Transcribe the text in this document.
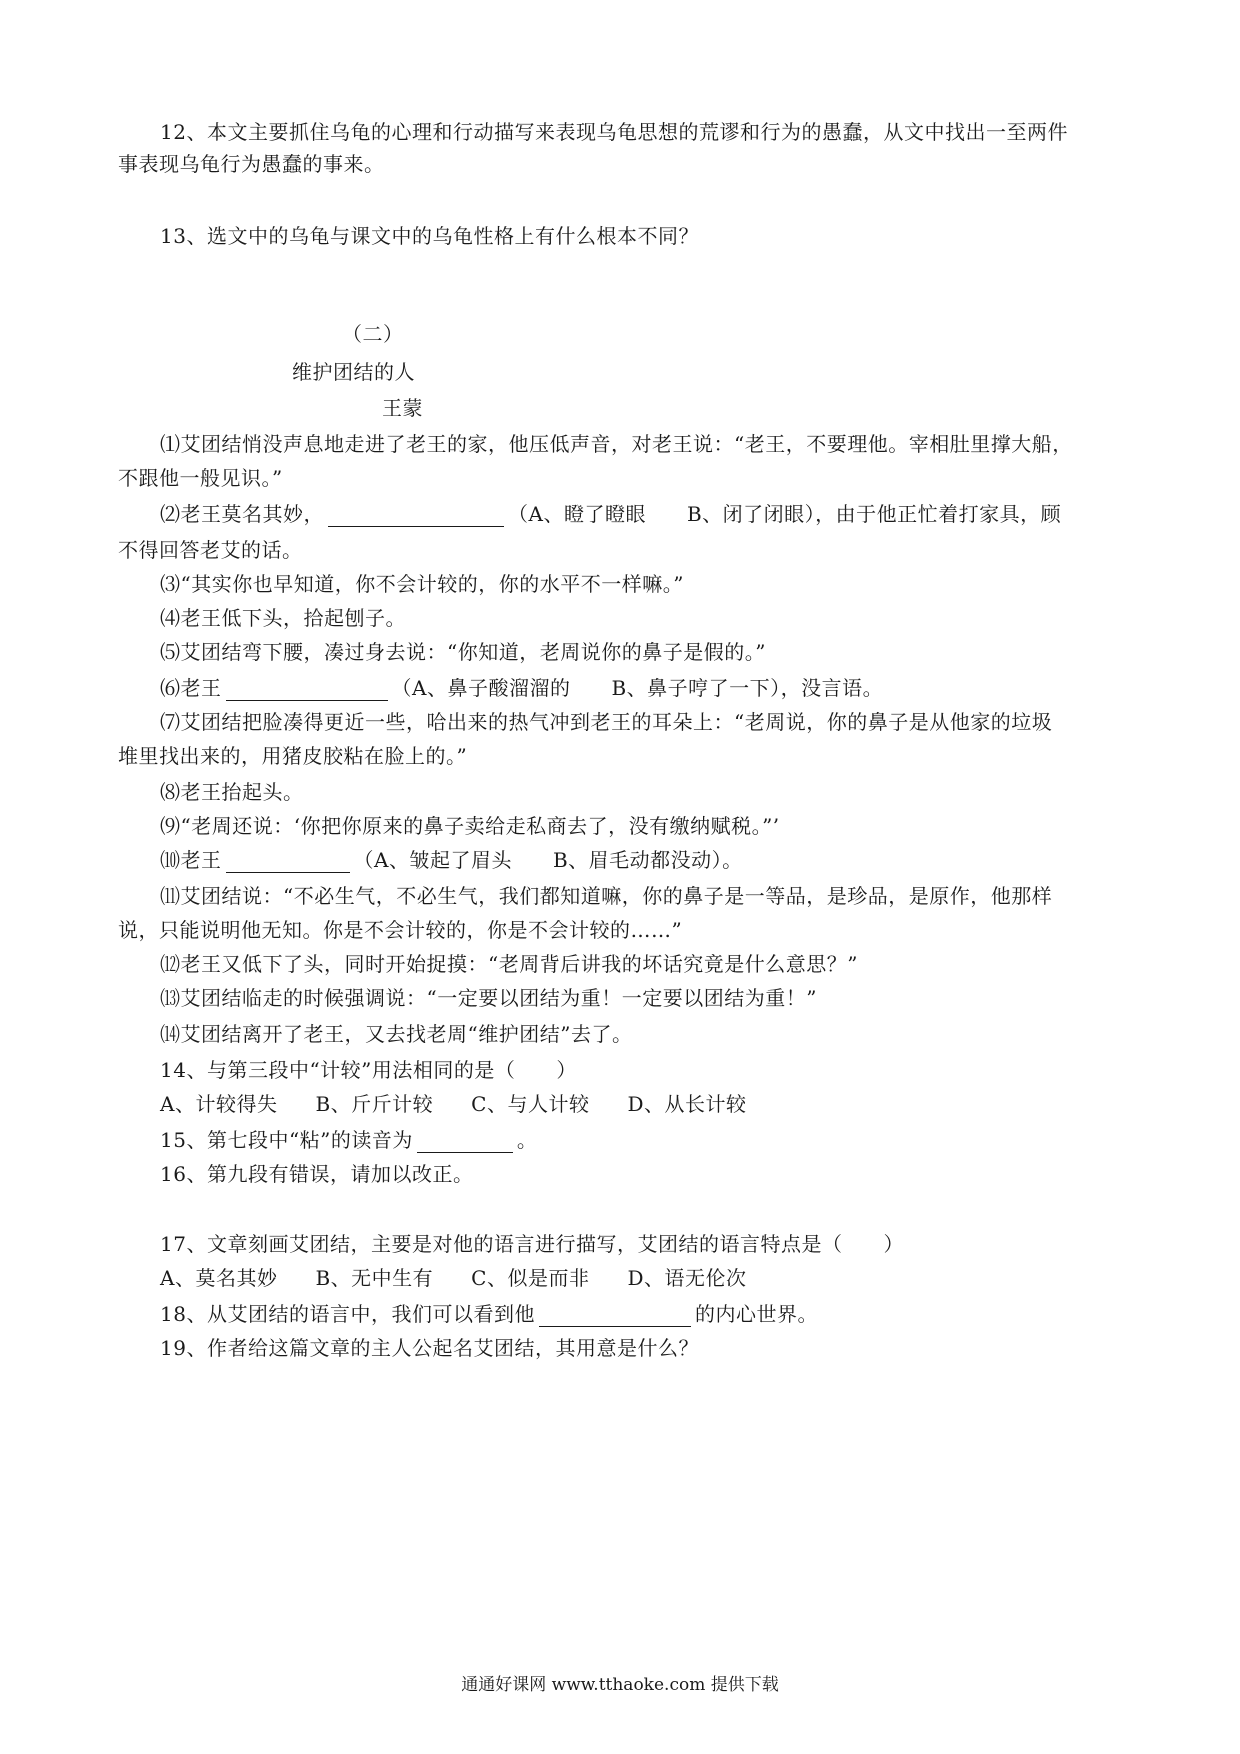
12、本文主要抓住乌龟的心理和行动描写来表现乌龟思想的荒谬和行为的愚蠢，从文中找出一至两件
事表现乌龟行为愚蠢的事来。
13、选文中的乌龟与课文中的乌龟性格上有什么根本不同？
（二）
维护团结的人
王蒙
⑴艾团结悄没声息地走进了老王的家，他压低声音，对老王说：“老王，不要理他。宰相肚里撑大船，
不跟他一般见识。”
⑵老王莫名其妙，	（A、瞪了瞪眼　　B、闭了闭眼），由于他正忙着打家具，顾
不得回答老艾的话。
⑶“其实你也早知道，你不会计较的，你的水平不一样嘛。”
⑷老王低下头，拾起刨子。
⑸艾团结弯下腰，凑过身去说：“你知道，老周说你的鼻子是假的。”
⑹老王	（A、鼻子酸溜溜的　　B、鼻子哼了一下），没言语。
⑺艾团结把脸凑得更近一些，哈出来的热气冲到老王的耳朵上：“老周说，你的鼻子是从他家的垃圾
堆里找出来的，用猪皮胶粘在脸上的。”
⑻老王抬起头。
⑼“老周还说：‘你把你原来的鼻子卖给走私商去了，没有缴纳赋税。”’
⑽老王	（A、皱起了眉头　　B、眉毛动都没动）。
⑾艾团结说：“不必生气，不必生气，我们都知道嘛，你的鼻子是一等品，是珍品，是原作，他那样
说，只能说明他无知。你是不会计较的，你是不会计较的……”
⑿老王又低下了头，同时开始捉摸：“老周背后讲我的坏话究竟是什么意思？”
⒀艾团结临走的时候强调说：“一定要以团结为重！一定要以团结为重！”
⒁艾团结离开了老王，又去找老周“维护团结”去了。
14、与第三段中“计较”用法相同的是（　　）
A、计较得失 B、斤斤计较 C、与人计较 D、从长计较
15、第七段中“粘”的读音为	。
16、第九段有错误，请加以改正。
17、文章刻画艾团结，主要是对他的语言进行描写，艾团结的语言特点是（　　）
A、莫名其妙 B、无中生有 C、似是而非 D、语无伦次
18、从艾团结的语言中，我们可以看到他	的内心世界。
19、作者给这篇文章的主人公起名艾团结，其用意是什么？
通通好课网 www.tthaoke.com 提供下载
